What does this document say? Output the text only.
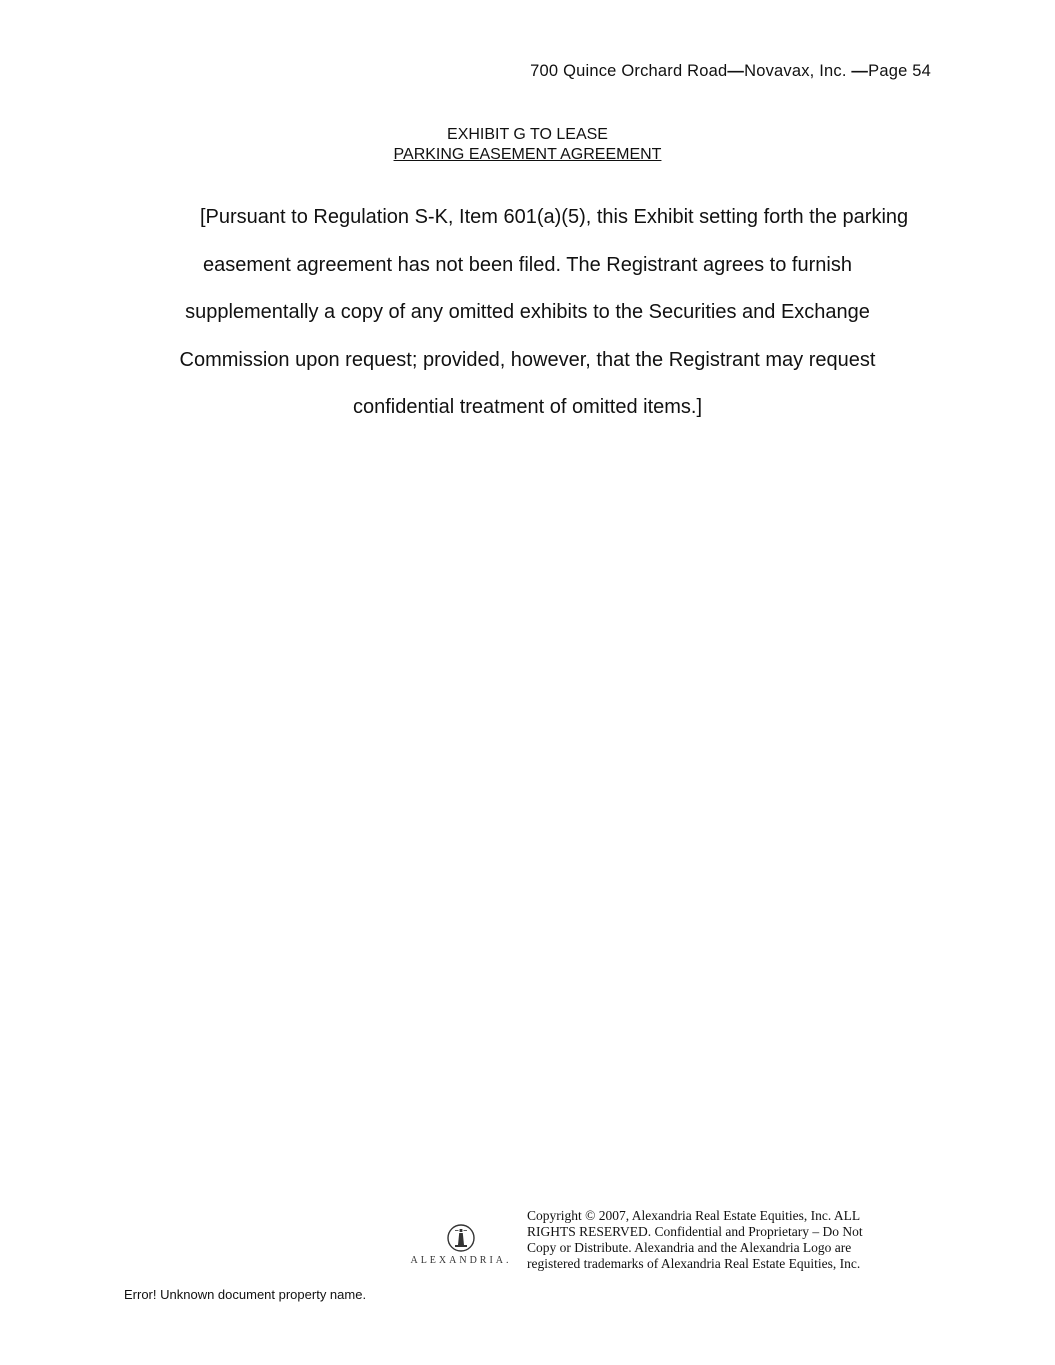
700 Quince Orchard Road—Novavax, Inc. —Page 54
EXHIBIT G TO LEASE
PARKING EASEMENT AGREEMENT
[Pursuant to Regulation S-K, Item 601(a)(5), this Exhibit setting forth the parking
easement agreement has not been filed. The Registrant agrees to furnish
supplementally a copy of any omitted exhibits to the Securities and Exchange
Commission upon request; provided, however, that the Registrant may request
confidential treatment of omitted items.]
ALEXANDRIA.
Copyright © 2007, Alexandria Real Estate Equities, Inc. ALL
RIGHTS RESERVED. Confidential and Proprietary – Do Not
Copy or Distribute. Alexandria and the Alexandria Logo are
registered trademarks of Alexandria Real Estate Equities, Inc.
Error! Unknown document property name.
